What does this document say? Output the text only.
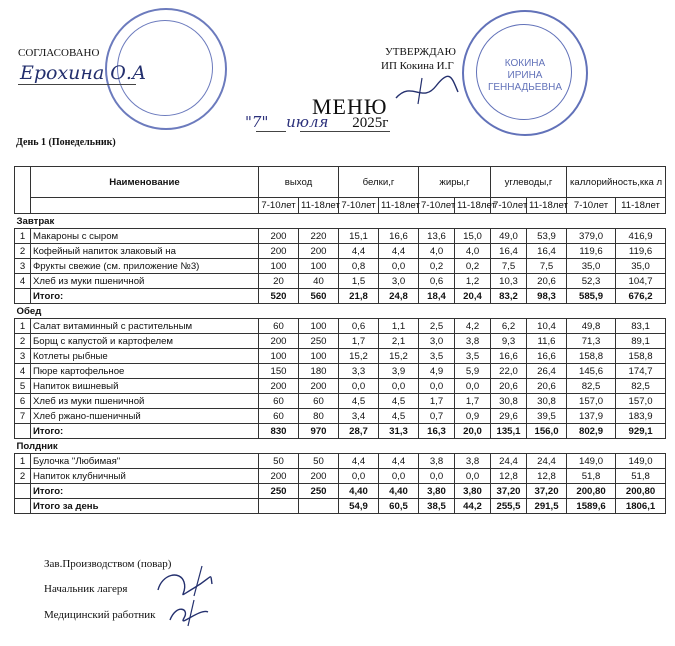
КОКИНА
ИРИНА
ГЕННАДЬЕВНА
СОГЛАСОВАНО
Ерохина О.А
УТВЕРЖДАЮ
ИП Кокина И.Г
МЕНЮ
"7" июля 2025г
День 1 (Понедельник)
	Наименование	выход		белки,г		жиры,г		углеводы,г		каллорийность,кка л	
		7-10лет	11-18лет	7-10лет	11-18лет	7-10лет	11-18лет	7-10лет	11-18лет	7-10лет	11-18лет
Завтрак											
1	Макароны с сыром	200	220	15,1	16,6	13,6	15,0	49,0	53,9	379,0	416,9
2	Кофейный напиток злаковый на	200	200	4,4	4,4	4,0	4,0	16,4	16,4	119,6	119,6
3	Фрукты свежие (см. приложение №3)	100	100	0,8	0,0	0,2	0,2	7,5	7,5	35,0	35,0
4	Хлеб из муки пшеничной	20	40	1,5	3,0	0,6	1,2	10,3	20,6	52,3	104,7
	Итого:	520	560	21,8	24,8	18,4	20,4	83,2	98,3	585,9	676,2
Обед											
1	Салат витаминный с растительным	60	100	0,6	1,1	2,5	4,2	6,2	10,4	49,8	83,1
2	Борщ с капустой и картофелем	200	250	1,7	2,1	3,0	3,8	9,3	11,6	71,3	89,1
3	Котлеты рыбные	100	100	15,2	15,2	3,5	3,5	16,6	16,6	158,8	158,8
4	Пюре картофельное	150	180	3,3	3,9	4,9	5,9	22,0	26,4	145,6	174,7
5	Напиток вишневый	200	200	0,0	0,0	0,0	0,0	20,6	20,6	82,5	82,5
6	Хлеб из муки пшеничной	60	60	4,5	4,5	1,7	1,7	30,8	30,8	157,0	157,0
7	Хлеб ржано-пшеничный	60	80	3,4	4,5	0,7	0,9	29,6	39,5	137,9	183,9
	Итого:	830	970	28,7	31,3	16,3	20,0	135,1	156,0	802,9	929,1
Полдник											
1	Булочка "Любимая"	50	50	4,4	4,4	3,8	3,8	24,4	24,4	149,0	149,0
2	Напиток клубничный	200	200	0,0	0,0	0,0	0,0	12,8	12,8	51,8	51,8
	Итого:	250	250	4,40	4,40	3,80	3,80	37,20	37,20	200,80	200,80
	Итого за день			54,9	60,5	38,5	44,2	255,5	291,5	1589,6	1806,1
Зав.Производством (повар)
Начальник лагеря
Медицинский работник
